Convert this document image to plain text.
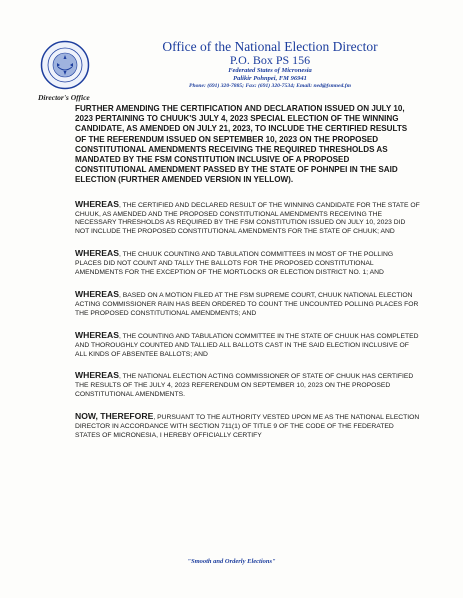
Director's Office
Office of the National Election Director
P.O. Box PS 156
Federated States of Micronesia
Palikir Pohnpei, FM 96941
Phone: (691) 320-7885; Fax: (691) 320-7534; Email: ned@fsmned.fm

FURTHER AMENDING THE CERTIFICATION AND DECLARATION ISSUED ON JULY 10, 2023 PERTAINING TO CHUUK'S JULY 4, 2023 SPECIAL ELECTION OF THE WINNING CANDIDATE, AS AMENDED ON JULY 21, 2023, TO INCLUDE THE CERTIFIED RESULTS OF THE REFERENDUM ISSUED ON SEPTEMBER 10, 2023 ON THE PROPOSED CONSTITUTIONAL AMENDMENTS RECEIVING THE REQUIRED THRESHOLDS AS MANDATED BY THE FSM CONSTITUTION INCLUSIVE OF A PROPOSED CONSTITUTIONAL AMENDMENT PASSED BY THE STATE OF POHNPEI IN THE SAID ELECTION (FURTHER AMENDED VERSION IN YELLOW).

WHEREAS, THE CERTIFIED AND DECLARED RESULT OF THE WINNING CANDIDATE FOR THE STATE OF CHUUK, AS AMENDED AND THE PROPOSED CONSTITUTIONAL AMENDMENTS RECEIVING THE NECESSARY THRESHOLDS AS REQUIRED BY THE FSM CONSTITUTION ISSUED ON JULY 10, 2023 DID NOT INCLUDE THE PROPOSED CONSTITUTIONAL AMENDMENTS FOR THE STATE OF CHUUK; AND

WHEREAS, THE CHUUK COUNTING AND TABULATION COMMITTEES IN MOST OF THE POLLING PLACES DID NOT COUNT AND TALLY THE BALLOTS FOR THE PROPOSED CONSTITUTIONAL AMENDMENTS FOR THE EXCEPTION OF THE MORTLOCKS OR ELECTION DISTRICT NO. 1; AND

WHEREAS, BASED ON A MOTION FILED AT THE FSM SUPREME COURT, CHUUK NATIONAL ELECTION ACTING COMMISSIONER RAIN HAS BEEN ORDERED TO COUNT THE UNCOUNTED POLLING PLACES FOR THE PROPOSED CONSTITUTIONAL AMENDMENTS; AND

WHEREAS, THE COUNTING AND TABULATION COMMITTEE IN THE STATE OF CHUUK HAS COMPLETED AND THOROUGHLY COUNTED AND TALLIED ALL BALLOTS CAST IN THE SAID ELECTION INCLUSIVE OF ALL KINDS OF ABSENTEE BALLOTS; AND

WHEREAS, THE NATIONAL ELECTION ACTING COMMISSIONER OF STATE OF CHUUK HAS CERTIFIED THE RESULTS OF THE JULY 4, 2023 REFERENDUM ON SEPTEMBER 10, 2023 ON THE PROPOSED CONSTITUTIONAL AMENDMENTS.

NOW, THEREFORE, PURSUANT TO THE AUTHORITY VESTED UPON ME AS THE NATIONAL ELECTION DIRECTOR IN ACCORDANCE WITH SECTION 711(1) OF TITLE 9 OF THE CODE OF THE FEDERATED STATES OF MICRONESIA, I HEREBY OFFICIALLY CERTIFY

"Smooth and Orderly Elections"
